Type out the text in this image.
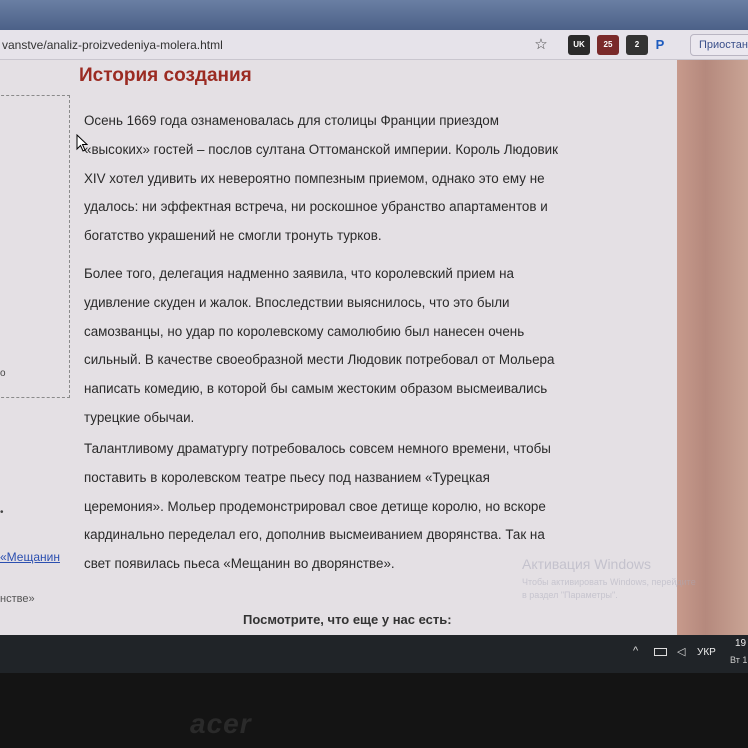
vanstve/analiz-proizvedeniya-molera.html	☆	UK	25	2	P	Приостан
о
•
«Мещанин
нстве»
История создания
Осень 1669 года ознаменовалась для столицы Франции приездом
«высоких» гостей – послов султана Оттоманской империи. Король Людовик
XIV хотел удивить их невероятно помпезным приемом, однако это ему не
удалось: ни эффектная встреча, ни роскошное убранство апартаментов и
богатство украшений не смогли тронуть турков.
Более того, делегация надменно заявила, что королевский прием на
удивление скуден и жалок. Впоследствии выяснилось, что это были
самозванцы, но удар по королевскому самолюбию был нанесен очень
сильный. В качестве своеобразной мести Людовик потребовал от Мольера
написать комедию, в которой бы самым жестоким образом высмеивались
турецкие обычаи.
Талантливому драматургу потребовалось совсем немного времени, чтобы
поставить в королевском театре пьесу под названием «Турецкая
церемония». Мольер продемонстрировал свое детище королю, но вскоре
кардинально переделал его, дополнив высмеиванием дворянства. Так на
свет появилась пьеса «Мещанин во дворянстве».	Активация Windows
Чтобы активировать Windows, перейдите
в раздел "Параметры".
Посмотрите, что еще у нас есть:
^	◁ УКР
19
Вт 1
acer
